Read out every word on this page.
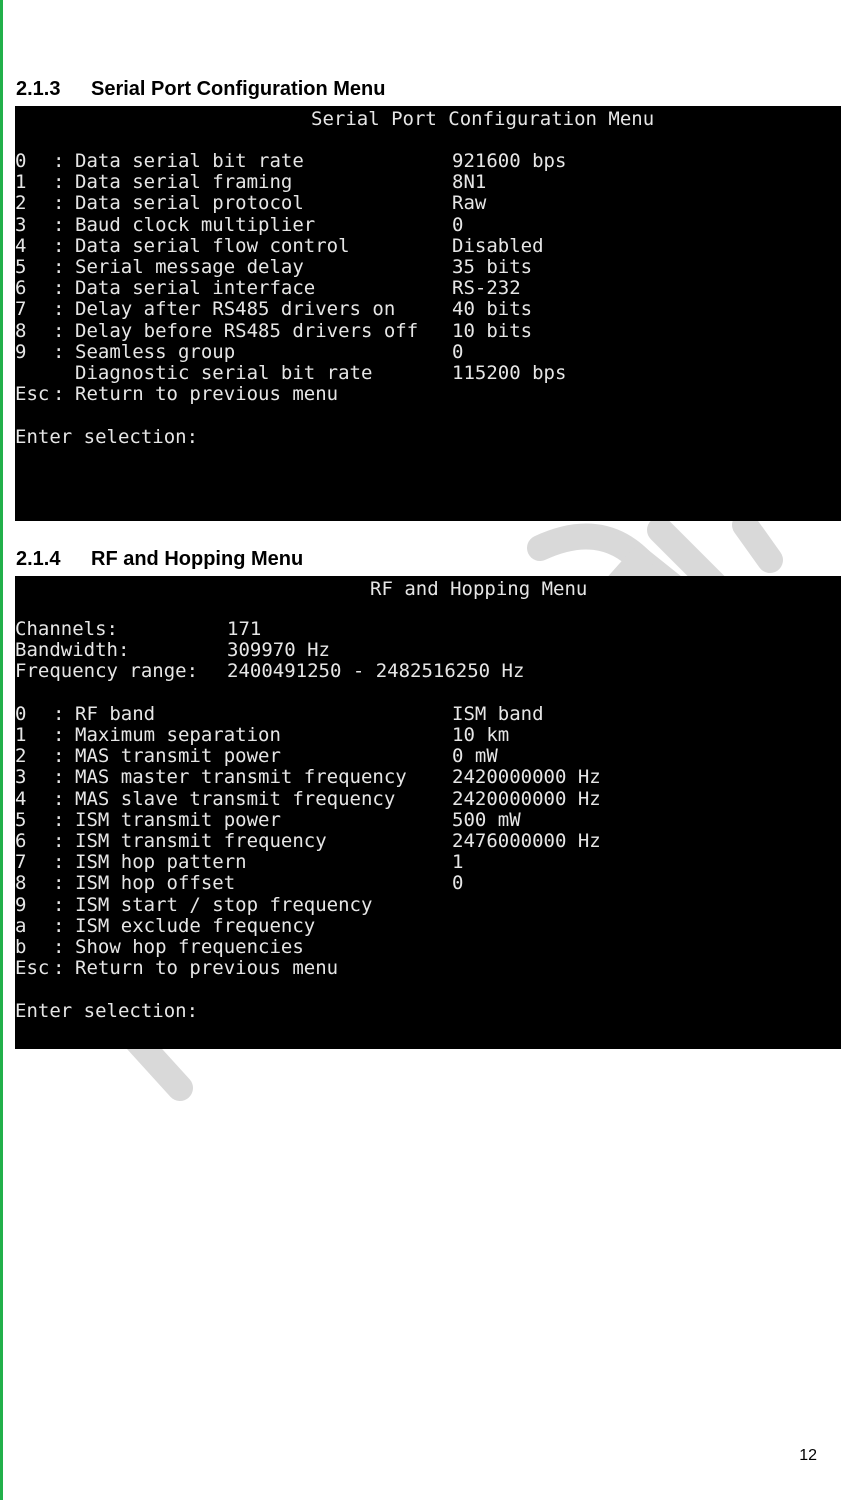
2.1.3 Serial Port Configuration Menu
Serial Port Configuration Menu
0 : Data serial bit rate	921600 bps
1 : Data serial framing	8N1
2 : Data serial protocol	Raw
3 : Baud clock multiplier	0
4 : Data serial flow control	Disabled
5 : Serial message delay	35 bits
6 : Data serial interface	RS-232
7 : Delay after RS485 drivers on	40 bits
8 : Delay before RS485 drivers off 10 bits
9 : Seamless group	0
Diagnostic serial bit rate	115200 bps
Esc : Return to previous menu
Enter selection:
2.1.4 RF and Hopping Menu
RF and Hopping Menu
Channels:	171
Bandwidth:	309970 Hz
Frequency range: 2400491250 - 2482516250 Hz
0 : RF band	ISM band
1 : Maximum separation	10 km
2 : MAS transmit power	0 mW
3 : MAS master transmit frequency 2420000000 Hz
4 : MAS slave transmit frequency	2420000000 Hz
5 : ISM transmit power	500 mW
6 : ISM transmit frequency	2476000000 Hz
7 : ISM hop pattern	1
8 : ISM hop offset	0
9 : ISM start / stop frequency
a : ISM exclude frequency
b : Show hop frequencies
Esc : Return to previous menu
Enter selection:
12
